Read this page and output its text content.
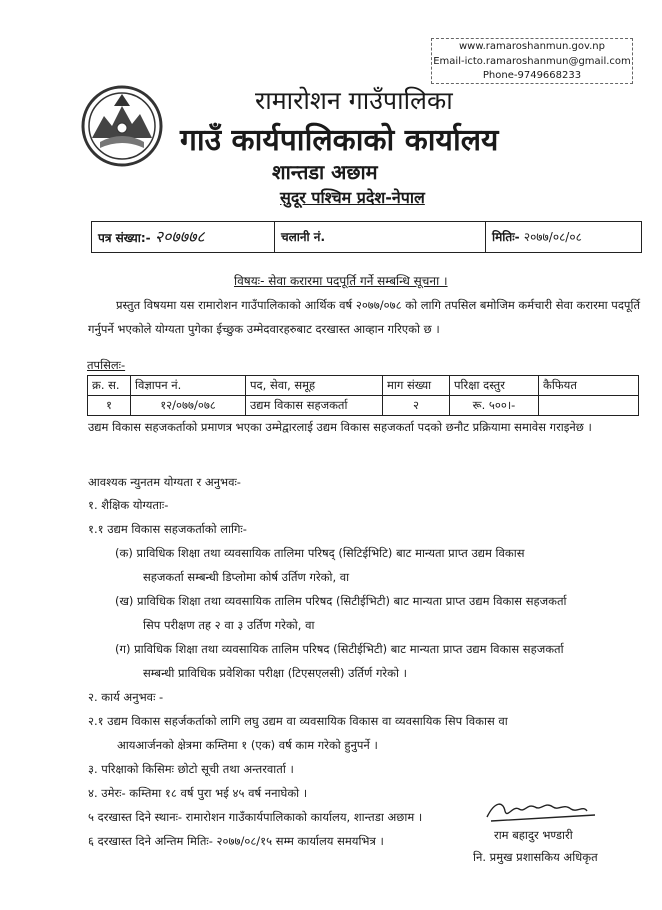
www.ramaroshanmun.gov.np
Email-icto.ramaroshanmun@gmail.com
Phone-9749668233
रामारोशन गाउँपालिका
गाउँ कार्यपालिकाको कार्यालय
शान्तडा अछाम
सुदूर पश्चिम प्रदेश-नेपाल
पत्र संख्या:- २०७७७८	चलानी नं.	मितिः- २०७७/०८/०८
विषयः- सेवा करारमा पदपूर्ति गर्ने सम्बन्धि सूचना ।
प्रस्तुत विषयमा यस रामारोशन गाउँपालिकाको आर्थिक वर्ष २०७७/०७८ को लागि तपसिल बमोजिम कर्मचारी सेवा करारमा पदपूर्ति गर्नुपर्ने भएकोले योग्यता पुगेका ईच्छुक उम्मेदवारहरुबाट दरखास्त आव्हान गरिएको छ ।
तपसिलः-
क्र. स.	विज्ञापन नं.	पद, सेवा, समूह	माग संख्या	परिक्षा दस्तुर	कैफियत
१	१२/०७७/०७८	उद्यम विकास सहजकर्ता	२	रू. ५००।-	
उद्यम विकास सहजकर्ताको प्रमाणत्र भएका उम्मेद्वारलाई उद्यम विकास सहजकर्ता पदको छनौट प्रक्रियामा समावेस गराइनेछ ।
आवश्यक न्युनतम योग्यता र अनुभवः-
१. शैक्षिक योग्यताः-
१.१ उद्यम विकास सहजकर्ताको लागिः-
(क) प्राविधिक शिक्षा तथा व्यवसायिक तालिमा परिषद् (सिटिईभिटि) बाट मान्यता प्राप्त उद्यम विकास
सहजकर्ता सम्बन्धी डिप्लोमा कोर्ष उर्तिण गरेको, वा
(ख) प्राविधिक शिक्षा तथा व्यवसायिक तालिम परिषद (सिटीईभिटी) बाट मान्यता प्राप्त उद्यम विकास सहजकर्ता
सिप परीक्षण तह २ वा ३ उर्तिण गरेको, वा
(ग) प्राविधिक शिक्षा तथा व्यवसायिक तालिम परिषद (सिटीईभिटी) बाट मान्यता प्राप्त उद्यम विकास सहजकर्ता
सम्बन्धी प्राविधिक प्रवेशिका परीक्षा (टिएसएलसी) उर्तिर्ण गरेको ।
२. कार्य अनुभवः -
२.१ उद्यम विकास सहर्जकर्ताको लागि लघु उद्यम वा व्यवसायिक विकास वा व्यवसायिक सिप विकास वा
आयआर्जनको क्षेत्रमा कम्तिमा १ (एक) वर्ष काम गरेको हुनुपर्ने ।
३. परिक्षाको किसिमः छोटो सूची तथा अन्तरवार्ता ।
४. उमेरः- कम्तिमा १८ वर्ष पुरा भई ४५ वर्ष ननाघेको ।
५ दरखास्त दिने स्थानः- रामारोशन गाउँकार्यपालिकाको कार्यालय, शान्तडा अछाम ।
६ दरखास्त दिने अन्तिम मितिः- २०७७/०८/१५ सम्म कार्यालय समयभित्र ।	राम बहादुर भण्डारी
नि. प्रमुख प्रशासकिय अधिकृत
